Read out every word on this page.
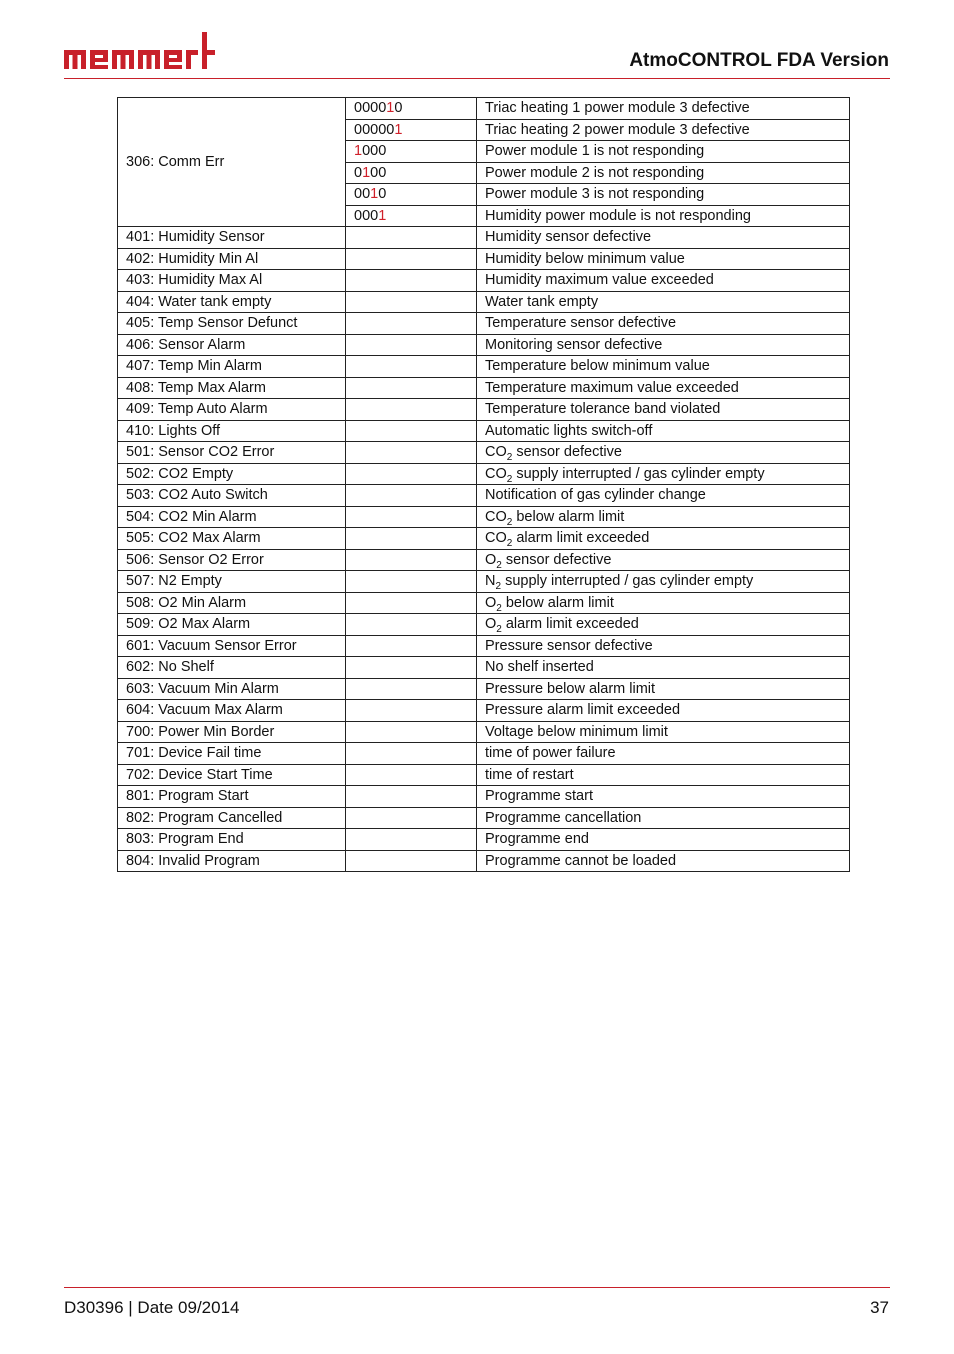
AtmoCONTROL FDA Version
306: Comm Err	000010	Triac heating 1 power module 3 defective
	000001	Triac heating 2 power module 3 defective
	1000	Power module 1 is not responding
	0100	Power module 2 is not responding
	0010	Power module 3 is not responding
	0001	Humidity power module is not responding
401: Humidity Sensor		Humidity sensor defective
402: Humidity Min Al		Humidity below minimum value
403: Humidity Max Al		Humidity maximum value exceeded
404: Water tank empty		Water tank empty
405: Temp Sensor Defunct		Temperature sensor defective
406: Sensor Alarm		Monitoring sensor defective
407: Temp Min Alarm		Temperature below minimum value
408: Temp Max Alarm		Temperature maximum value exceeded
409: Temp Auto Alarm		Temperature tolerance band violated
410: Lights Off		Automatic lights switch-off
501: Sensor CO2 Error		$CO_2$ sensor defective
502: CO2 Empty		$CO_2$ supply interrupted / gas cylinder empty
503: CO2 Auto Switch		Notification of gas cylinder change
504: CO2 Min Alarm		$CO_2$ below alarm limit
505: CO2 Max Alarm		$CO_2$ alarm limit exceeded
506: Sensor O2 Error		$O_2$ sensor defective
507: N2 Empty		$N_2$ supply interrupted / gas cylinder empty
508: O2 Min Alarm		$O_2$ below alarm limit
509: O2 Max Alarm		$O_2$ alarm limit exceeded
601: Vacuum Sensor Error		Pressure sensor defective
602: No Shelf		No shelf inserted
603: Vacuum Min Alarm		Pressure below alarm limit
604: Vacuum Max Alarm		Pressure alarm limit exceeded
700: Power Min Border		Voltage below minimum limit
701: Device Fail time		time of power failure
702: Device Start Time		time of restart
801: Program Start		Programme start
802: Program Cancelled		Programme cancellation
803: Program End		Programme end
804: Invalid Program		Programme cannot be loaded
D30396 | Date 09/2014	37
